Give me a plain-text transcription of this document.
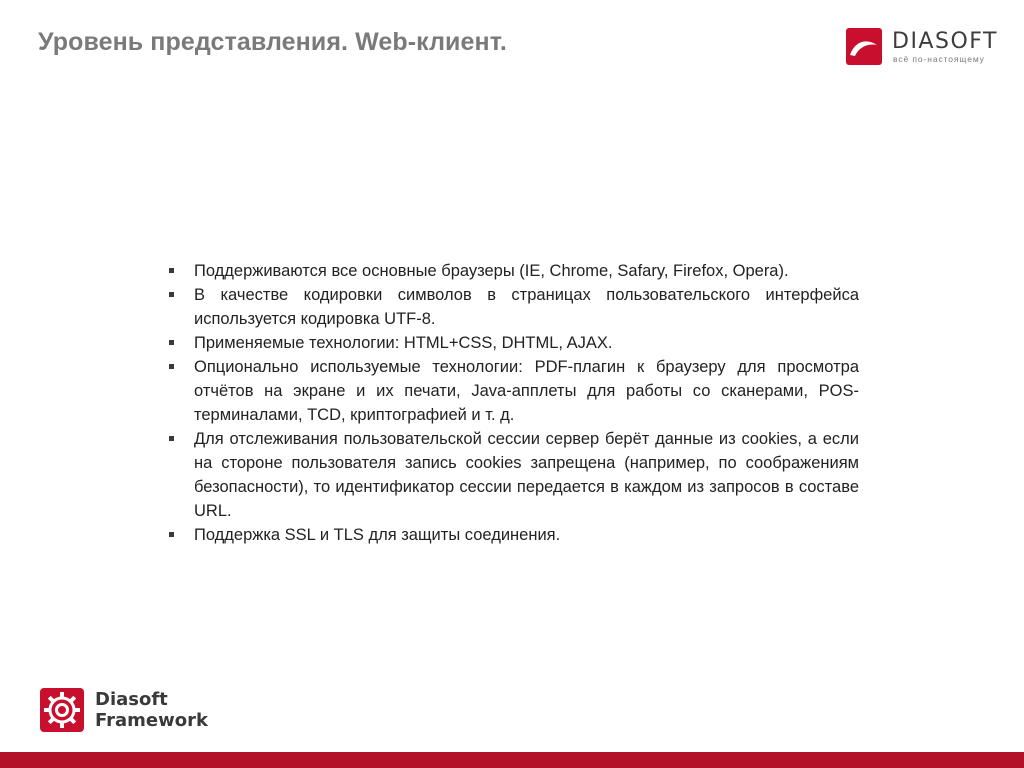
Уровень представления. Web-клиент.	DIASOFT
всё по-настоящему
Поддерживаются все основные браузеры (IE, Chrome, Safary, Firefox, Opera).
В качестве кодировки символов в страницах пользовательского интерфейса используется кодировка UTF-8.
Применяемые технологии: HTML+CSS, DHTML, AJAX.
Опционально используемые технологии: PDF-плагин к браузеру для просмотра отчётов на экране и их печати, Java-апплеты для работы со сканерами, POS-терминалами, TCD, криптографией и т. д.
Для отслеживания пользовательской сессии сервер берёт данные из cookies, а если на стороне пользователя запись cookies запрещена (например, по соображениям безопасности), то идентификатор сессии передается в каждом из запросов в составе URL.
Поддержка SSL и TLS для защиты соединения.
Diasoft
Framework
